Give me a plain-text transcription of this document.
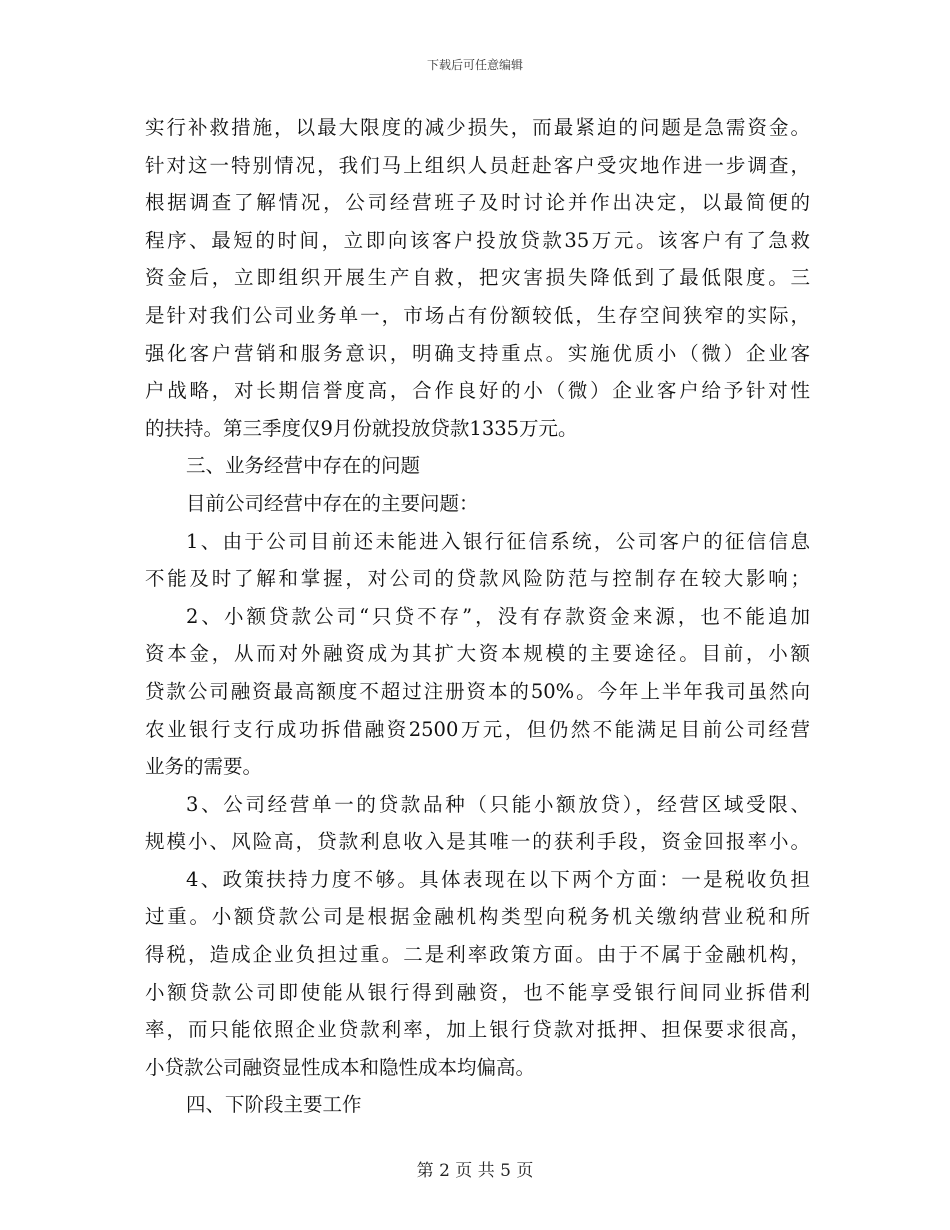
下载后可任意编辑
实行补救措施，以最大限度的减少损失，而最紧迫的问题是急需资金。
针对这一特别情况，我们马上组织人员赶赴客户受灾地作进一步调查，
根据调查了解情况，公司经营班子及时讨论并作出决定，以最简便的
程序、最短的时间，立即向该客户投放贷款35万元。该客户有了急救
资金后，立即组织开展生产自救，把灾害损失降低到了最低限度。三
是针对我们公司业务单一，市场占有份额较低，生存空间狭窄的实际，
强化客户营销和服务意识，明确支持重点。实施优质小（微）企业客
户战略，对长期信誉度高，合作良好的小（微）企业客户给予针对性
的扶持。第三季度仅9月份就投放贷款1335万元。
三、业务经营中存在的问题
目前公司经营中存在的主要问题：
1、由于公司目前还未能进入银行征信系统，公司客户的征信信息
不能及时了解和掌握，对公司的贷款风险防范与控制存在较大影响；
2、小额贷款公司“只贷不存”，没有存款资金来源，也不能追加
资本金，从而对外融资成为其扩大资本规模的主要途径。目前，小额
贷款公司融资最高额度不超过注册资本的50%。今年上半年我司虽然向
农业银行支行成功拆借融资2500万元，但仍然不能满足目前公司经营
业务的需要。
3、公司经营单一的贷款品种（只能小额放贷），经营区域受限、
规模小、风险高，贷款利息收入是其唯一的获利手段，资金回报率小。
4、政策扶持力度不够。具体表现在以下两个方面：一是税收负担
过重。小额贷款公司是根据金融机构类型向税务机关缴纳营业税和所
得税，造成企业负担过重。二是利率政策方面。由于不属于金融机构，
小额贷款公司即使能从银行得到融资，也不能享受银行间同业拆借利
率，而只能依照企业贷款利率，加上银行贷款对抵押、担保要求很高，
小贷款公司融资显性成本和隐性成本均偏高。
四、下阶段主要工作
第 2 页 共 5 页
